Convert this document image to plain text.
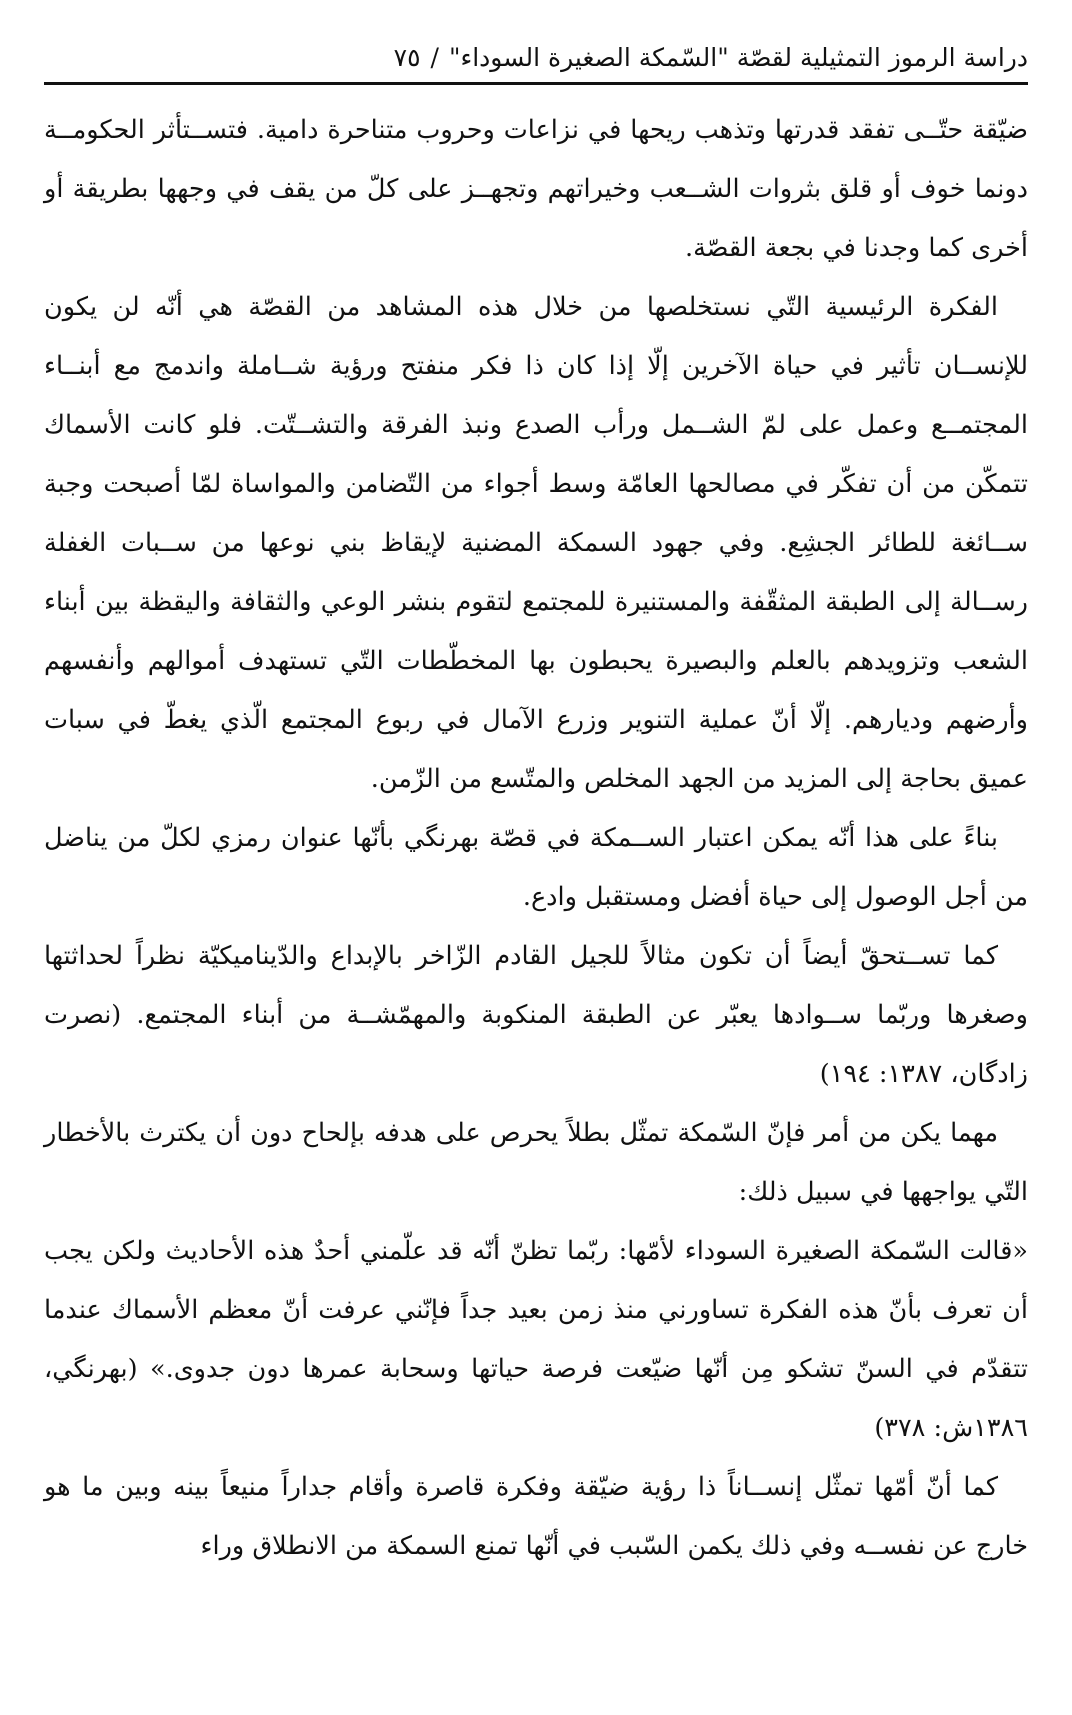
دراسة الرموز التمثيلية لقصّة "السّمكة الصغيرة السوداء"
/
٧٥

ضيّقة حتّــى تفقد قدرتها وتذهب ريحها في نزاعات وحروب متناحرة دامية. فتســتأثر الحكومــة دونما خوف أو قلق بثروات الشــعب وخيراتهم وتجهــز على كلّ من يقف في وجهها بطريقة أو أخرى كما وجدنا في بجعة القصّة.

الفكرة الرئيسية التّي نستخلصها من خلال هذه المشاهد من القصّة هي أنّه لن يكون للإنســان تأثير في حياة الآخرين إلّا إذا كان ذا فكر منفتح ورؤية شــاملة واندمج مع أبنــاء المجتمــع وعمل على لمّ الشــمل ورأب الصدع ونبذ الفرقة والتشــتّت. فلو كانت الأسماك تتمكّن من أن تفكّر في مصالحها العامّة وسط أجواء من التّضامن والمواساة لمّا أصبحت وجبة ســائغة للطائر الجشِع. وفي جهود السمكة المضنية لإيقاظ بني نوعها من ســبات الغفلة رســالة إلى الطبقة المثقّفة والمستنيرة للمجتمع لتقوم بنشر الوعي والثقافة واليقظة بين أبناء الشعب وتزويدهم بالعلم والبصيرة يحبطون بها المخطّطات التّي تستهدف أموالهم وأنفسهم وأرضهم وديارهم. إلّا أنّ عملية التنوير وزرع الآمال في ربوع المجتمع الّذي يغطّ في سبات عميق بحاجة إلى المزيد من الجهد المخلص والمتّسع من الزّمن.

بناءً على هذا أنّه يمكن اعتبار الســمكة في قصّة بهرنگي بأنّها عنوان رمزي لكلّ من يناضل من أجل الوصول إلى حياة أفضل ومستقبل وادع.

كما تســتحقّ أيضاً أن تكون مثالاً للجيل القادم الزّاخر بالإبداع والدّيناميكيّة نظراً لحداثتها وصغرها وربّما ســوادها يعبّر عن الطبقة المنكوبة والمهمّشــة من أبناء المجتمع. (نصرت زادگان، ١٣٨٧: ١٩٤)

مهما يكن من أمر فإنّ السّمكة تمثّل بطلاً يحرص على هدفه بإلحاح دون أن يكترث بالأخطار التّي يواجهها في سبيل ذلك:

«قالت السّمكة الصغيرة السوداء لأمّها: ربّما تظنّ أنّه قد علّمني أحدٌ هذه الأحاديث ولكن يجب أن تعرف بأنّ هذه الفكرة تساورني منذ زمن بعيد جداً فإنّني عرفت أنّ معظم الأسماك عندما تتقدّم في السنّ تشكو مِن أنّها ضيّعت فرصة حياتها وسحابة عمرها دون جدوى.» (بهرنگي، ١٣٨٦ش: ٣٧٨)

كما أنّ أمّها تمثّل إنســاناً ذا رؤية ضيّقة وفكرة قاصرة وأقام جداراً منيعاً بينه وبين ما هو خارج عن نفســه وفي ذلك يكمن السّبب في أنّها تمنع السمكة من الانطلاق وراء
